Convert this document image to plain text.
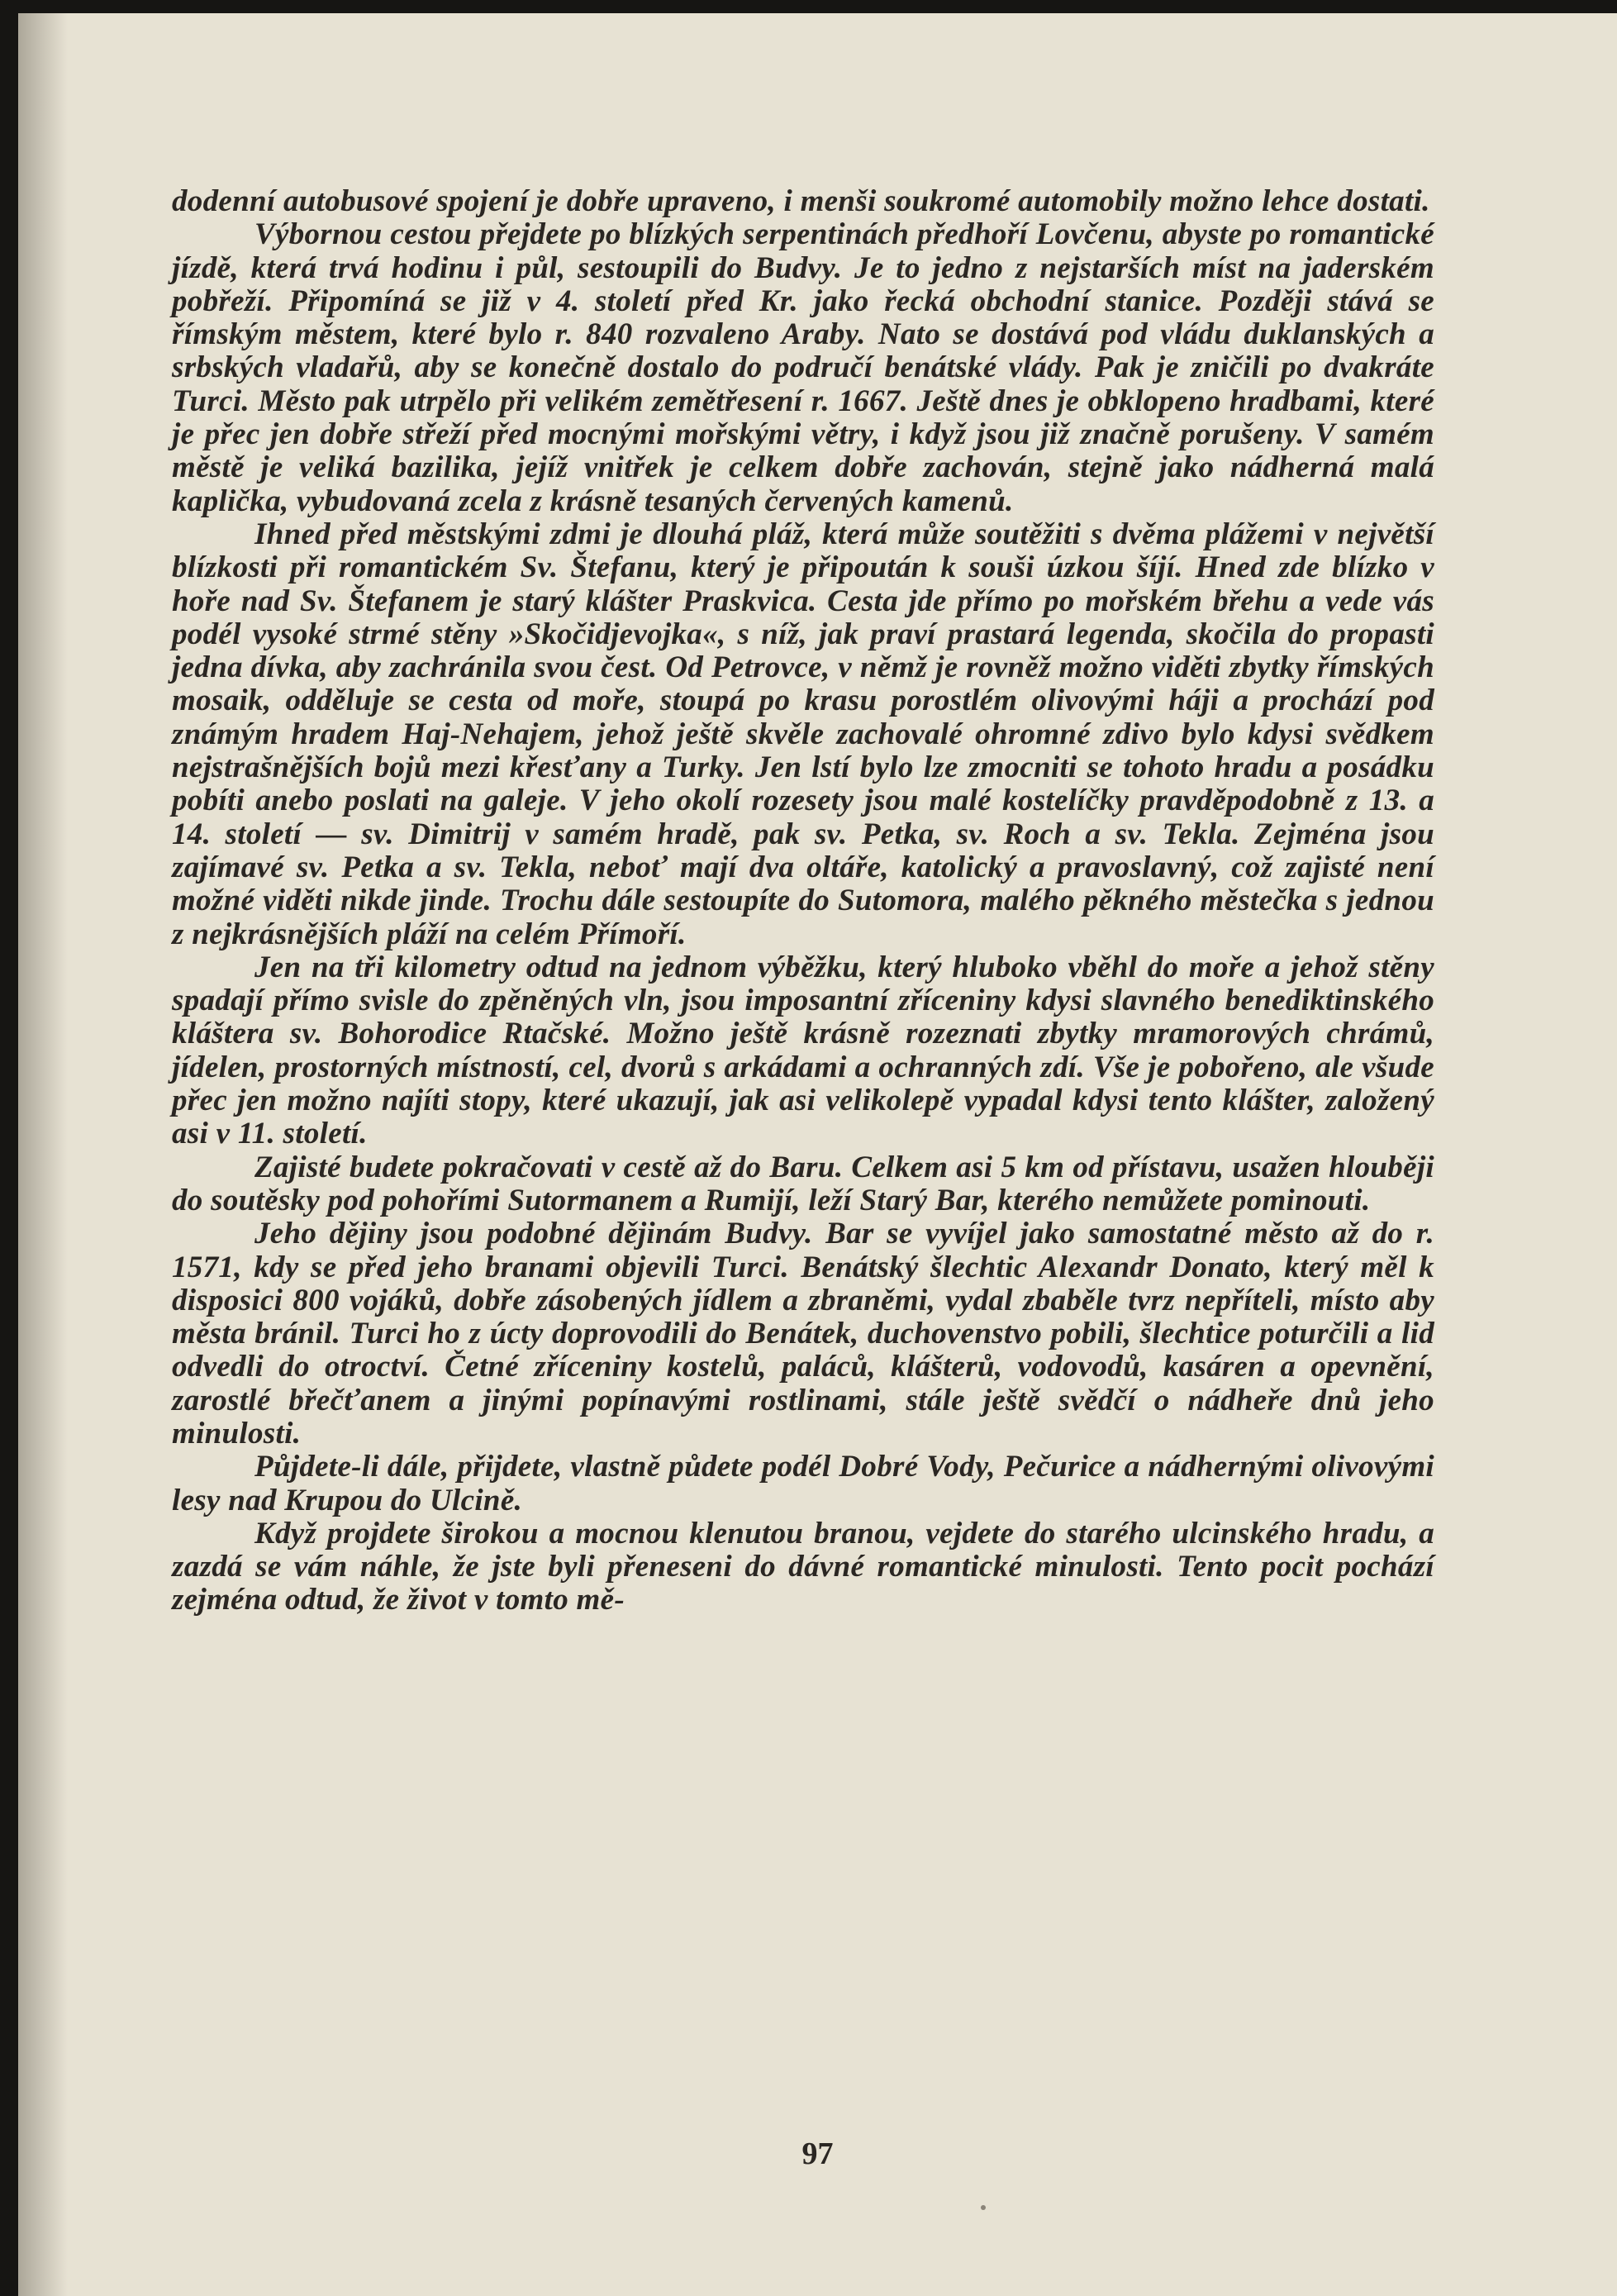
dodenní autobusové spojení je dobře upraveno, i menši soukromé automobily možno lehce dostati.

Výbornou cestou přejdete po blízkých serpentinách předhoří Lovčenu, abyste po romantické jízdě, která trvá hodinu i půl, sestoupili do Budvy. Je to jedno z nejstarších míst na jaderském pobřeží. Připomíná se již v 4. století před Kr. jako řecká obchodní stanice. Později stává se římským městem, které bylo r. 840 rozvaleno Araby. Nato se dostává pod vládu duklanských a srbských vladařů, aby se konečně dostalo do područí benátské vlády. Pak je zničili po dvakráte Turci. Město pak utrpělo při velikém zemětřesení r. 1667. Ještě dnes je obklopeno hradbami, které je přec jen dobře střeží před mocnými mořskými větry, i když jsou již značně porušeny. V samém městě je veliká bazilika, jejíž vnitřek je celkem dobře zachován, stejně jako nádherná malá kaplička, vybudovaná zcela z krásně tesaných červených kamenů.

Ihned před městskými zdmi je dlouhá pláž, která může soutěžiti s dvěma plážemi v největší blízkosti při romantickém Sv. Štefanu, který je připoután k souši úzkou šíjí. Hned zde blízko v hoře nad Sv. Štefanem je starý klášter Praskvica. Cesta jde přímo po mořském břehu a vede vás podél vysoké strmé stěny »Skočidjevojka«, s níž, jak praví prastará legenda, skočila do propasti jedna dívka, aby zachránila svou čest. Od Petrovce, v němž je rovněž možno viděti zbytky římských mosaik, odděluje se cesta od moře, stoupá po krasu porostlém olivovými háji a prochází pod známým hradem Haj-Nehajem, jehož ještě skvěle zachovalé ohromné zdivo bylo kdysi svědkem nejstrašnějších bojů mezi křesťany a Turky. Jen lstí bylo lze zmocniti se tohoto hradu a posádku pobíti anebo poslati na galeje. V jeho okolí rozesety jsou malé kostelíčky pravděpodobně z 13. a 14. století — sv. Dimitrij v samém hradě, pak sv. Petka, sv. Roch a sv. Tekla. Zejména jsou zajímavé sv. Petka a sv. Tekla, neboť mají dva oltáře, katolický a pravoslavný, což zajisté není možné viděti nikde jinde. Trochu dále sestoupíte do Sutomora, malého pěkného městečka s jednou z nejkrásnějších pláží na celém Přímoří.

Jen na tři kilometry odtud na jednom výběžku, který hluboko vběhl do moře a jehož stěny spadají přímo svisle do zpěněných vln, jsou imposantní zříceniny kdysi slavného benediktinského kláštera sv. Bohorodice Rtačské. Možno ještě krásně rozeznati zbytky mramorových chrámů, jídelen, prostorných místností, cel, dvorů s arkádami a ochranných zdí. Vše je pobořeno, ale všude přec jen možno najíti stopy, které ukazují, jak asi velikolepě vypadal kdysi tento klášter, založený asi v 11. století.

Zajisté budete pokračovati v cestě až do Baru. Celkem asi 5 km od přístavu, usažen hlouběji do soutěsky pod pohořími Sutormanem a Rumijí, leží Starý Bar, kterého nemůžete pominouti.

Jeho dějiny jsou podobné dějinám Budvy. Bar se vyvíjel jako samostatné město až do r. 1571, kdy se před jeho branami objevili Turci. Benátský šlechtic Alexandr Donato, který měl k disposici 800 vojáků, dobře zásobených jídlem a zbraněmi, vydal zbaběle tvrz nepříteli, místo aby města bránil. Turci ho z úcty doprovodili do Benátek, duchovenstvo pobili, šlechtice poturčili a lid odvedli do otroctví. Četné zříceniny kostelů, paláců, klášterů, vodovodů, kasáren a opevnění, zarostlé břečťanem a jinými popínavými rostlinami, stále ještě svědčí o nádheře dnů jeho minulosti.

Půjdete-li dále, přijdete, vlastně půdete podél Dobré Vody, Pečurice a nádhernými olivovými lesy nad Krupou do Ulcině.

Když projdete širokou a mocnou klenutou branou, vejdete do starého ulcinského hradu, a zazdá se vám náhle, že jste byli přeneseni do dávné romantické minulosti. Tento pocit pochází zejména odtud, že život v tomto mě-

97
